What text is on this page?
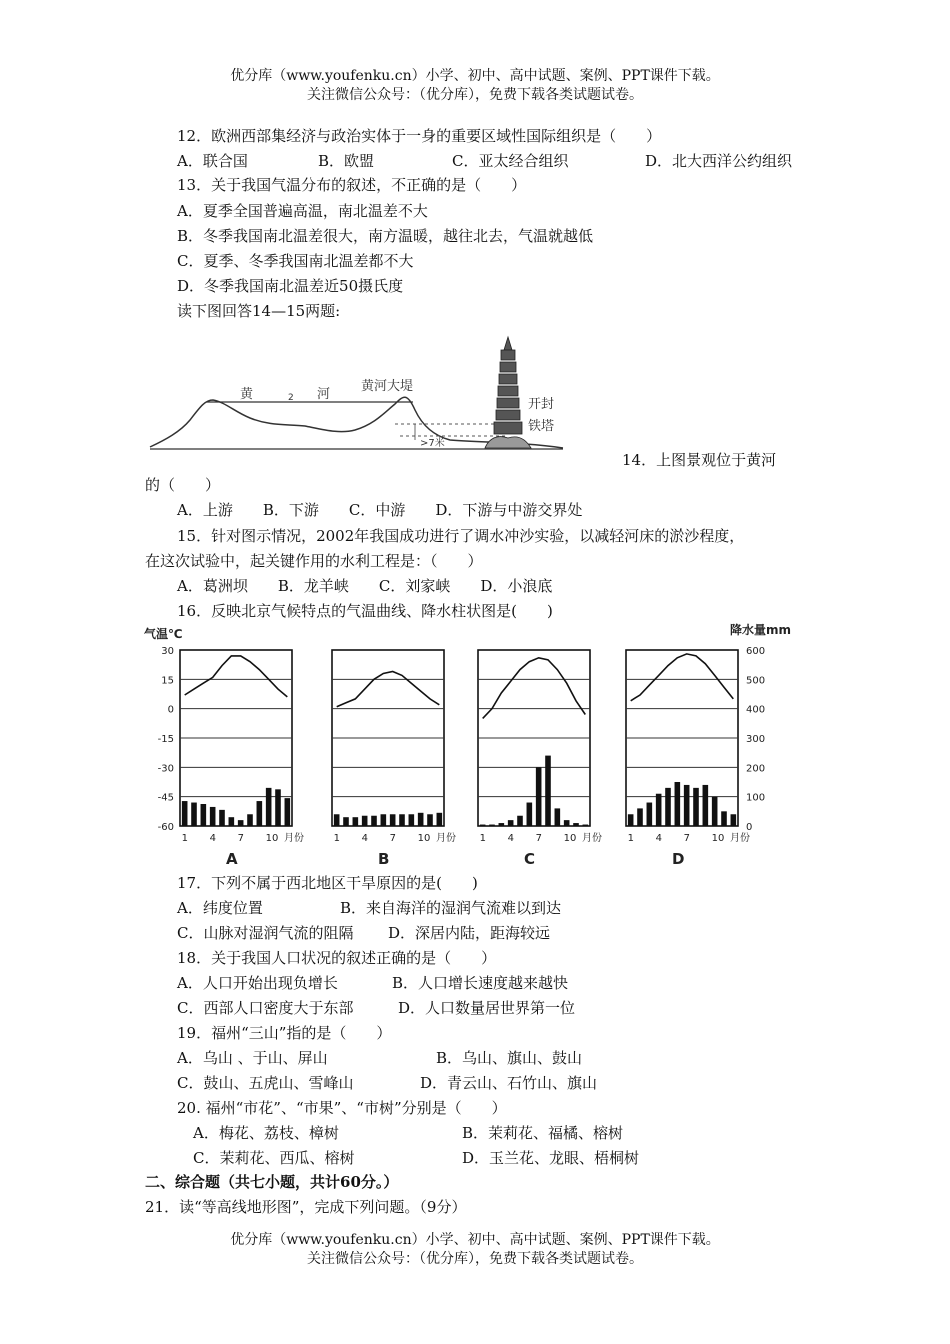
优分库（www.youfenku.cn）小学、初中、高中试题、案例、PPT课件下载。
关注微信公众号：（优分库），免费下载各类试题试卷。
12．欧洲西部集经济与政治实体于一身的重要区域性国际组织是（　　）
A．联合国	B．欧盟	C．亚太经合组织	D．北大西洋公约组织
13．关于我国气温分布的叙述，不正确的是（　　）
A．夏季全国普遍高温，南北温差不大
B．冬季我国南北温差很大，南方温暖，越往北去，气温就越低
C．夏季、冬季我国南北温差都不大
D．冬季我国南北温差近50摄氏度
读下图回答14—15两题:
黄	2 河
黄河大堤
>7米
开封
铁塔
14．上图景观位于黄河
的（　　）
A．上游　　B．下游　　C．中游　　D．下游与中游交界处
15．针对图示情况，2002年我国成功进行了调水冲沙实验，以减轻河床的淤沙程度，
在这次试验中，起关键作用的水利工程是：（　　）
A．葛洲坝　　B．龙羊峡　　C．刘家峡　　D．小浪底
16．反映北京气候特点的气温曲线、降水柱状图是(　　)
气温℃	降水量mm
1 4 7 10 月份
A
30
15
0
-15
-30
-45
-60
1 4 7 10 月份
B
1 4 7 10 月份
C
1 4 7 10 月份
D
600
500
400
300
200
100
0
17．下列不属于西北地区干旱原因的是(　　)
A．纬度位置	B．来自海洋的湿润气流难以到达
C．山脉对湿润气流的阻隔 D．深居内陆，距海较远
18．关于我国人口状况的叙述正确的是（　　）
A．人口开始出现负增长	B．人口增长速度越来越快
C．西部人口密度大于东部	D．人口数量居世界第一位
19．福州“三山”指的是（　　）
A．乌山 、于山、屏山	B．乌山、旗山、鼓山
C．鼓山、五虎山、雪峰山	D．青云山、石竹山、旗山
20. 福州“市花”、“市果”、“市树”分别是（　　）
A．梅花、荔枝、樟树	B．茉莉花、福橘、榕树
C．茉莉花、西瓜、榕树	D．玉兰花、龙眼、梧桐树
二、综合题（共七小题，共计60分。）
21．读“等高线地形图”，完成下列问题。（9分）
优分库（www.youfenku.cn）小学、初中、高中试题、案例、PPT课件下载。
关注微信公众号：（优分库），免费下载各类试题试卷。
